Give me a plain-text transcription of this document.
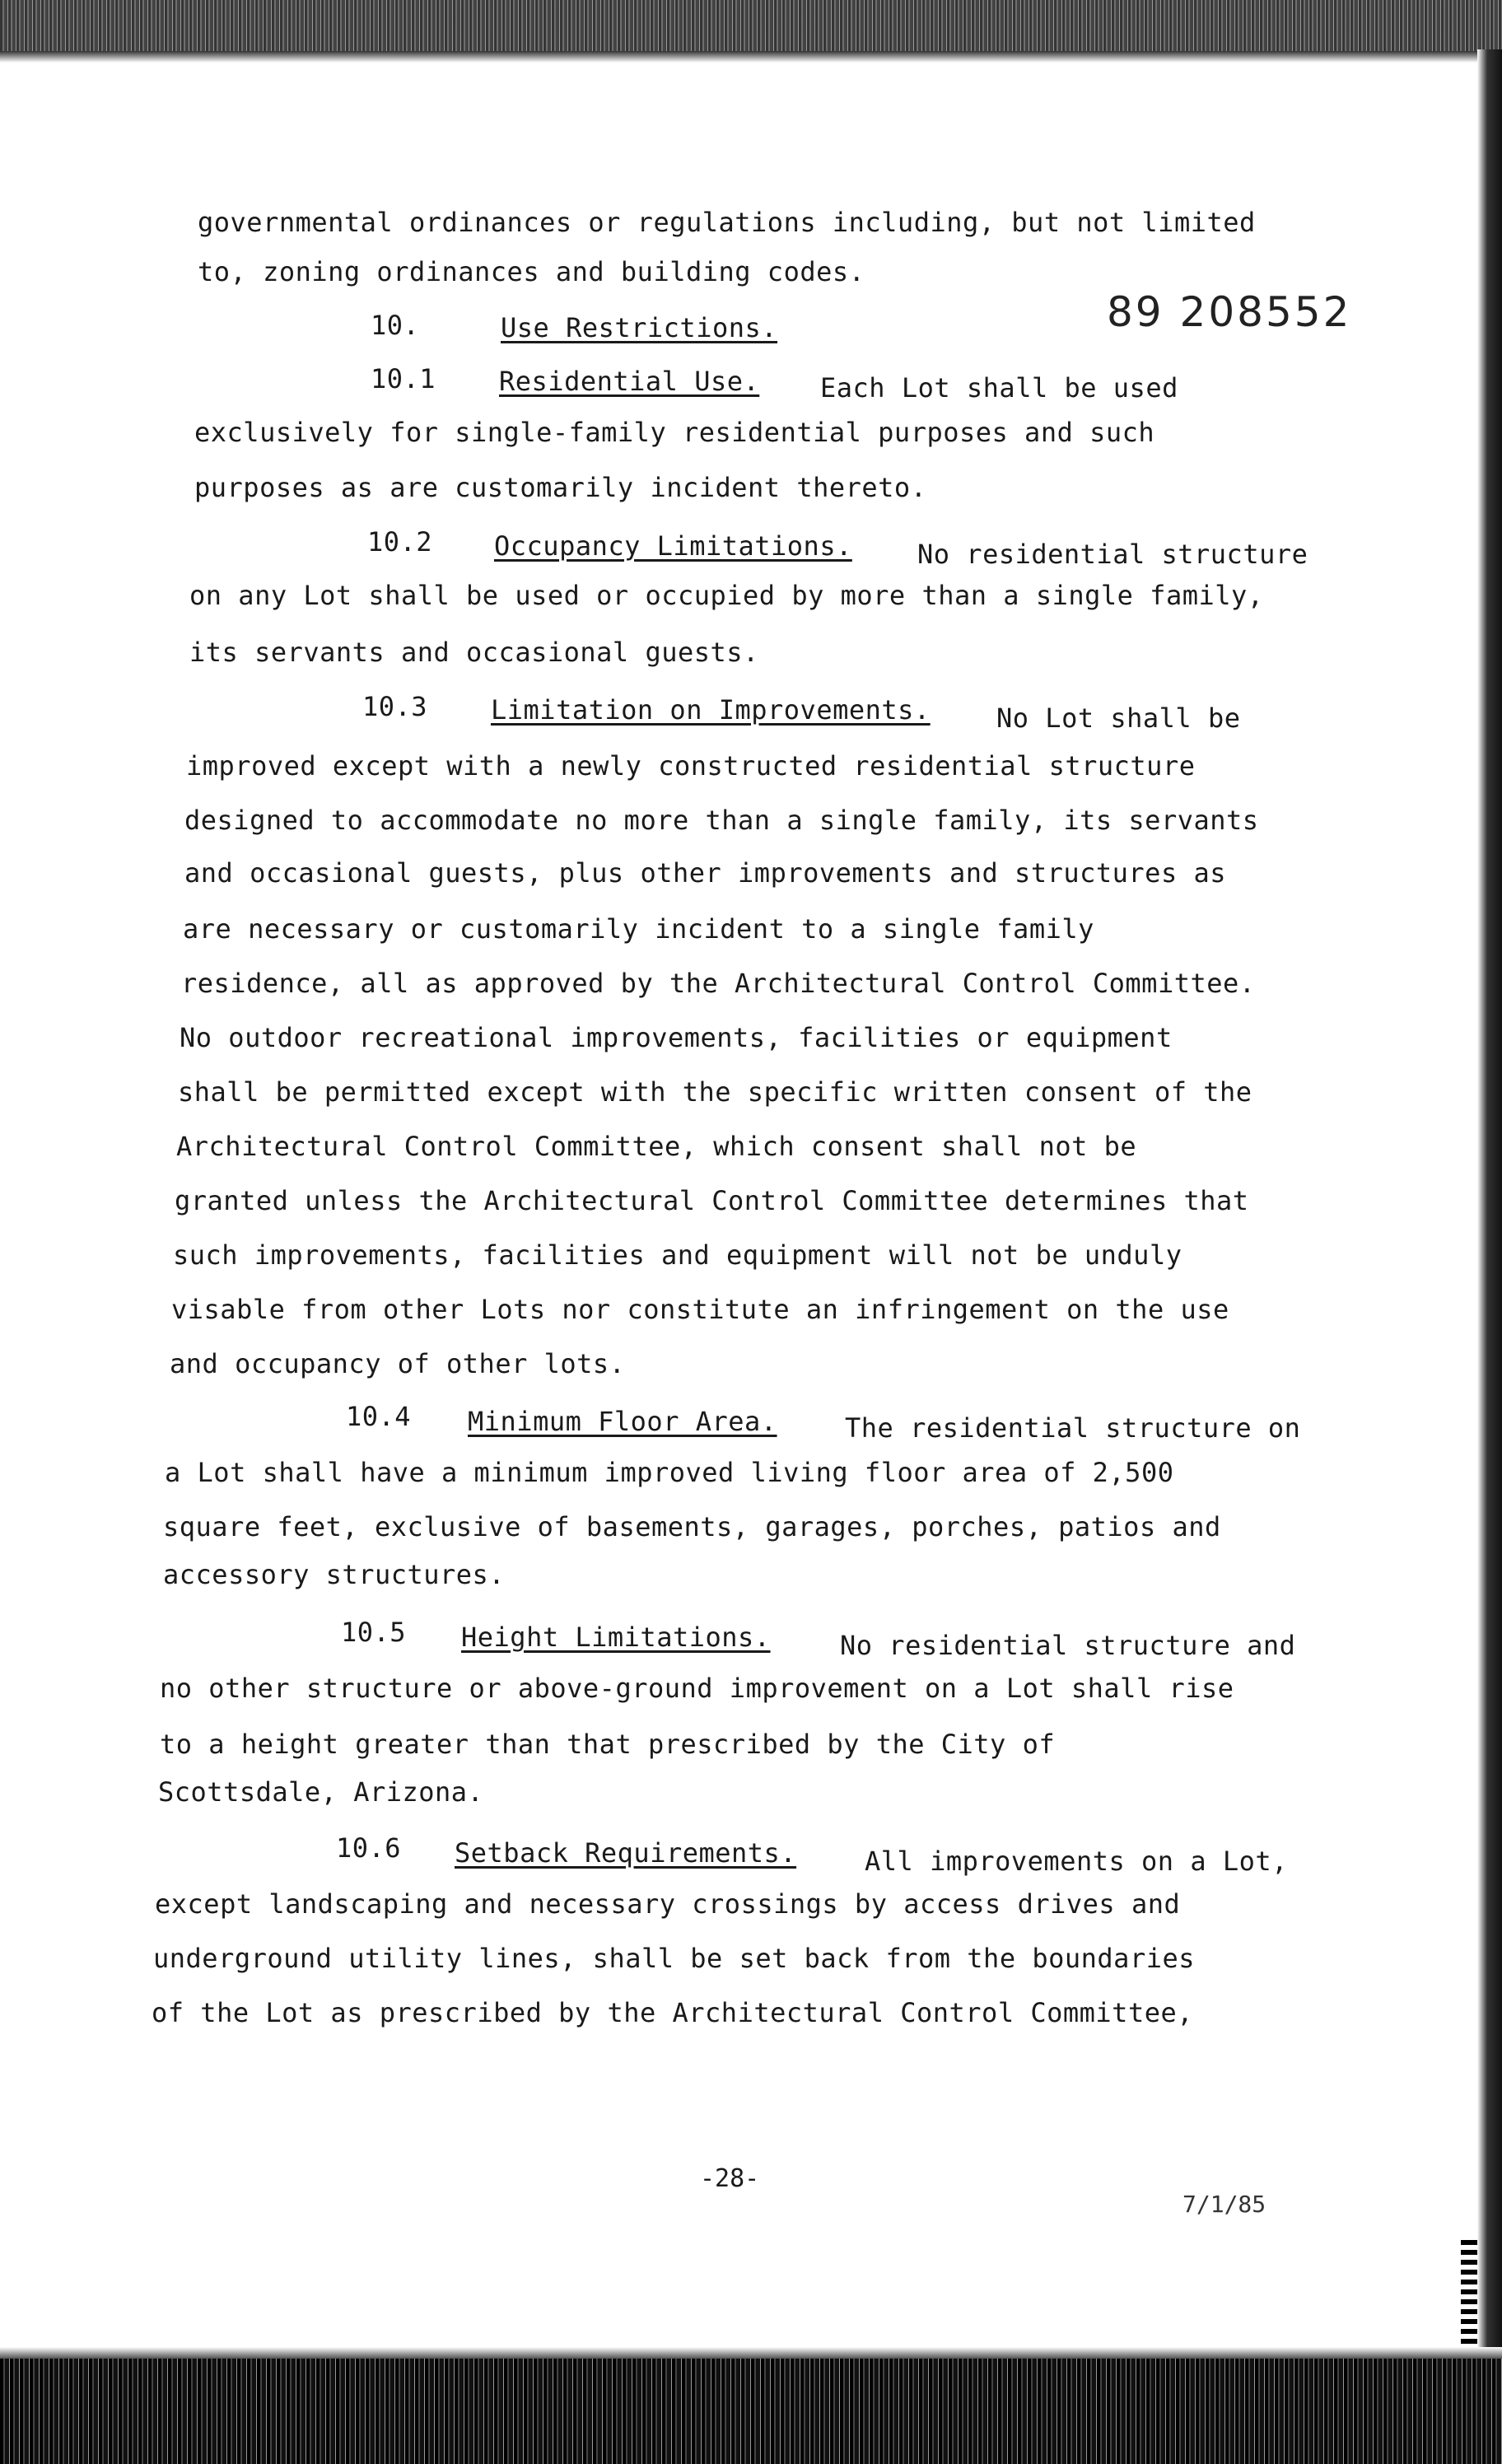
89 208552
governmental ordinances or regulations including, but not limited
to, zoning ordinances and building codes.
10.	Use Restrictions.
10.1 Residential Use. Each Lot shall be used
exclusively for single-family residential purposes and such
purposes as are customarily incident thereto.
10.2 Occupancy Limitations. No residential structure
on any Lot shall be used or occupied by more than a single family,
its servants and occasional guests.
10.3 Limitation on Improvements.	No Lot shall be
improved except with a newly constructed residential structure
designed to accommodate no more than a single family, its servants
and occasional guests, plus other improvements and structures as
are necessary or customarily incident to a single family
residence, all as approved by the Architectural Control Committee.
No outdoor recreational improvements, facilities or equipment
shall be permitted except with the specific written consent of the
Architectural Control Committee, which consent shall not be
granted unless the Architectural Control Committee determines that
such improvements, facilities and equipment will not be unduly
visable from other Lots nor constitute an infringement on the use
and occupancy of other lots.
10.4 Minimum Floor Area.	The residential structure on
a Lot shall have a minimum improved living floor area of 2,500
square feet, exclusive of basements, garages, porches, patios and
accessory structures.
10.5 Height Limitations.	No residential structure and
no other structure or above-ground improvement on a Lot shall rise
to a height greater than that prescribed by the City of
Scottsdale, Arizona.
10.6 Setback Requirements.	All improvements on a Lot,
except landscaping and necessary crossings by access drives and
underground utility lines, shall be set back from the boundaries
of the Lot as prescribed by the Architectural Control Committee,
-28-
7/1/85
